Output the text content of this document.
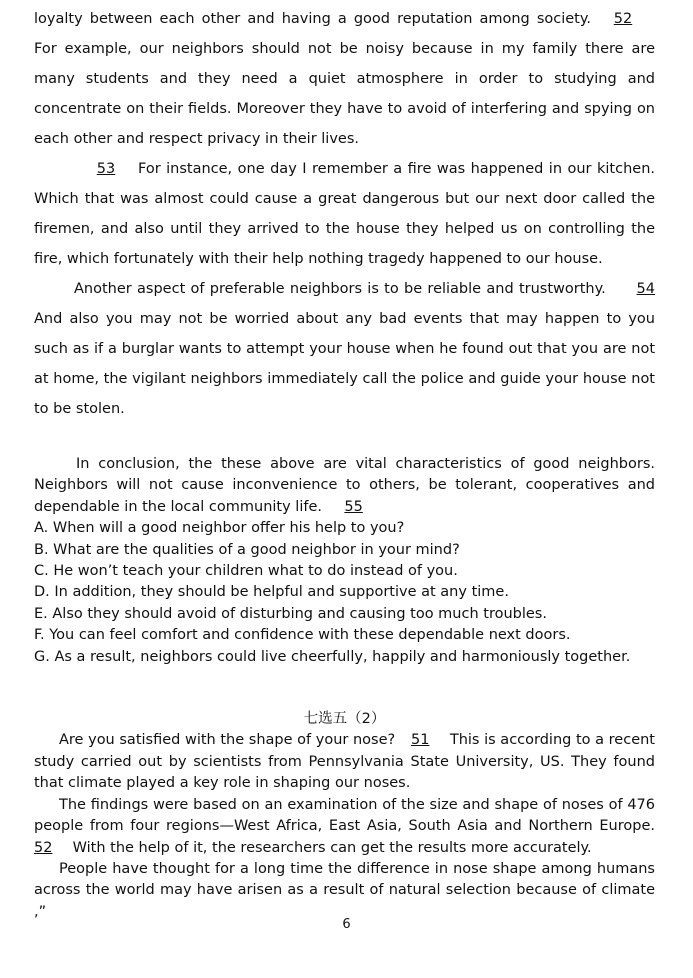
loyalty between each other and having a good reputation among society. 52 For example, our neighbors should not be noisy because in my family there are many students and they need a quiet atmosphere in order to studying and concentrate on their fields. Moreover they have to avoid of interfering and spying on each other and respect privacy in their lives.

53 For instance, one day I remember a fire was happened in our kitchen. Which that was almost could cause a great dangerous but our next door called the firemen, and also until they arrived to the house they helped us on controlling the fire, which fortunately with their help nothing tragedy happened to our house.

Another aspect of preferable neighbors is to be reliable and trustworthy. 54 And also you may not be worried about any bad events that may happen to you such as if a burglar wants to attempt your house when he found out that you are not at home, the vigilant neighbors immediately call the police and guide your house not to be stolen.

In conclusion, the these above are vital characteristics of good neighbors. Neighbors will not cause inconvenience to others, be tolerant, cooperatives and dependable in the local community life. 55

A. When will a good neighbor offer his help to you?

B. What are the qualities of a good neighbor in your mind?

C. He won’t teach your children what to do instead of you.

D. In addition, they should be helpful and supportive at any time.

E. Also they should avoid of disturbing and causing too much troubles.

F. You can feel comfort and confidence with these dependable next doors.

G. As a result, neighbors could live cheerfully, happily and harmoniously together.

七选五（2）

Are you satisfied with the shape of your nose? 51 This is according to a recent study carried out by scientists from Pennsylvania State University, US. They found that climate played a key role in shaping our noses.

The findings were based on an examination of the size and shape of noses of 476 people from four regions—West Africa, East Asia, South Asia and Northern Europe. 52 With the help of it, the researchers can get the results more accurately.

People have thought for a long time the difference in nose shape among humans across the world may have arisen as a result of natural selection because of climate ,”

6
